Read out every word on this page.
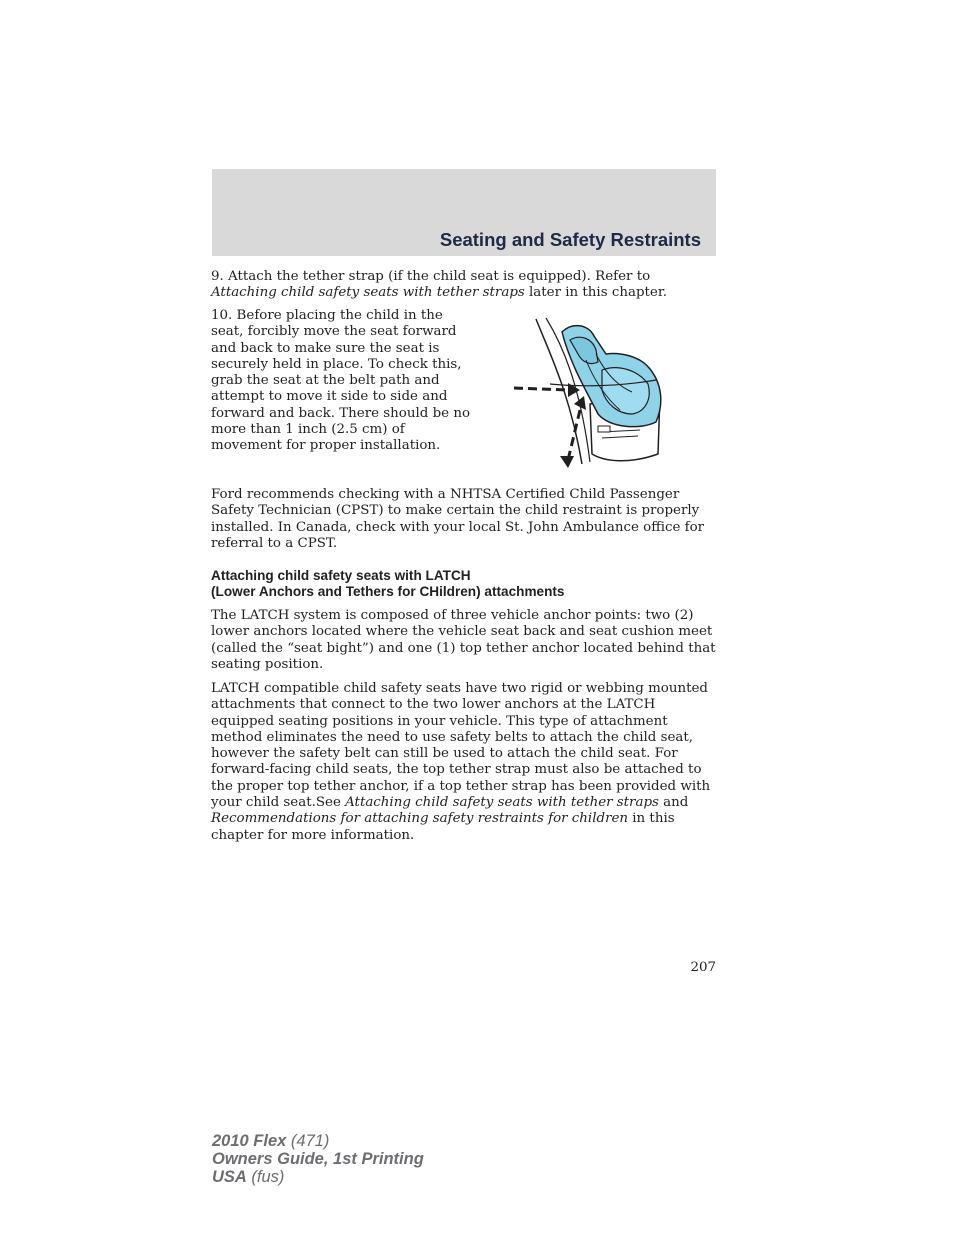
Seating and Safety Restraints

9. Attach the tether strap (if the child seat is equipped). Refer to
Attaching child safety seats with tether straps later in this chapter.

10. Before placing the child in the seat, forcibly move the seat forward and back to make sure the seat is securely held in place. To check this, grab the seat at the belt path and attempt to move it side to side and forward and back. There should be no more than 1 inch (2.5 cm) of movement for proper installation.

Ford recommends checking with a NHTSA Certified Child Passenger Safety Technician (CPST) to make certain the child restraint is properly installed. In Canada, check with your local St. John Ambulance office for referral to a CPST.

Attaching child safety seats with LATCH
(Lower Anchors and Tethers for CHildren) attachments

The LATCH system is composed of three vehicle anchor points: two (2) lower anchors located where the vehicle seat back and seat cushion meet (called the “seat bight”) and one (1) top tether anchor located behind that seating position.

LATCH compatible child safety seats have two rigid or webbing mounted attachments that connect to the two lower anchors at the LATCH equipped seating positions in your vehicle. This type of attachment method eliminates the need to use safety belts to attach the child seat, however the safety belt can still be used to attach the child seat. For forward-facing child seats, the top tether strap must also be attached to the proper top tether anchor, if a top tether strap has been provided with your child seat.See Attaching child safety seats with tether straps and Recommendations for attaching safety restraints for children in this chapter for more information.

207
2010 Flex (471)
Owners Guide, 1st Printing
USA (fus)
